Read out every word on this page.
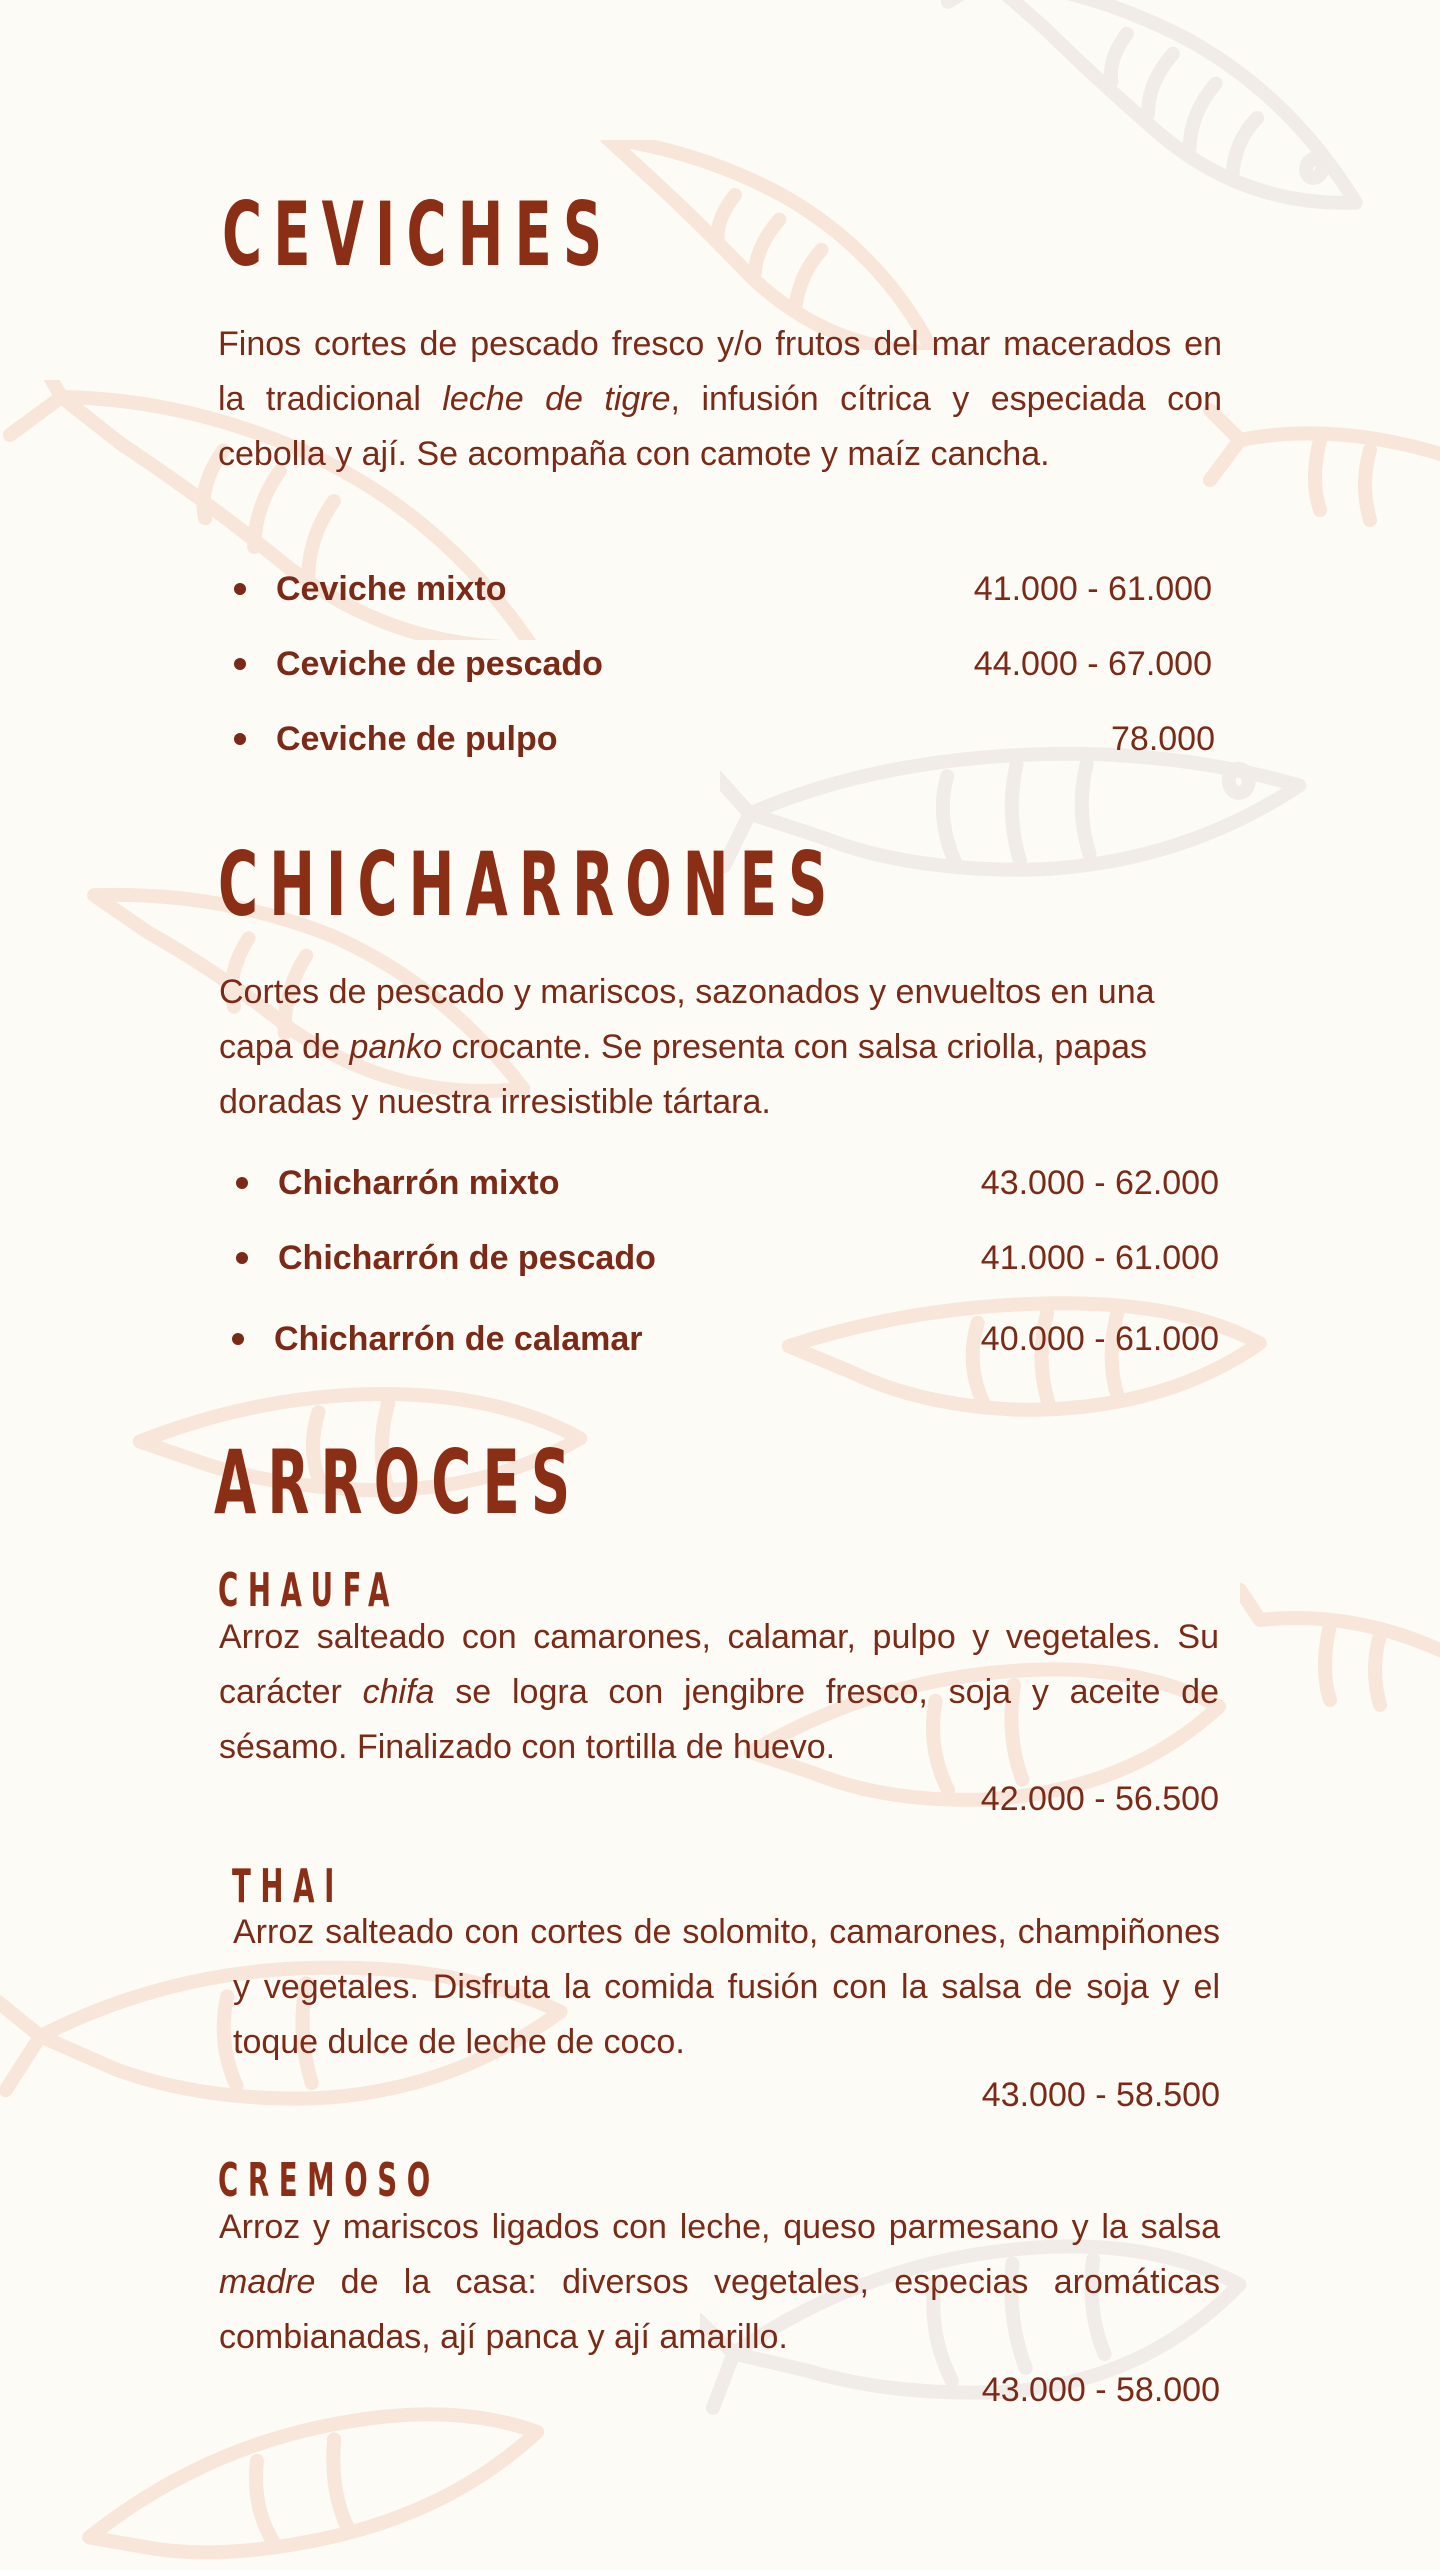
CEVICHES

Finos cortes de pescado fresco y/o frutos del mar macerados en la tradicional leche de tigre, infusión cítrica y especiada con cebolla y ají. Se acompaña con camote y maíz cancha.

Ceviche mixto	41.000 - 61.000
Ceviche de pescado	44.000 - 67.000
Ceviche de pulpo	78.000
CHICHARRONES

Cortes de pescado y mariscos, sazonados y envueltos en una capa de panko crocante. Se presenta con salsa criolla, papas doradas y nuestra irresistible tártara.

Chicharrón mixto	43.000 - 62.000
Chicharrón de pescado	41.000 - 61.000
Chicharrón de calamar	40.000 - 61.000
ARROCES
CHAUFA

Arroz salteado con camarones, calamar, pulpo y vegetales. Su carácter chifa se logra con jengibre fresco, soja y aceite de sésamo. Finalizado con tortilla de huevo.

42.000 - 56.500
THAI

Arroz salteado con cortes de solomito, camarones, champiñones y vegetales. Disfruta la comida fusión con la salsa de soja y el toque dulce de leche de coco.

43.000 - 58.500
CREMOSO

Arroz y mariscos ligados con leche, queso parmesano y la salsa madre de la casa: diversos vegetales, especias aromáticas combianadas, ají panca y ají amarillo.

43.000 - 58.000
